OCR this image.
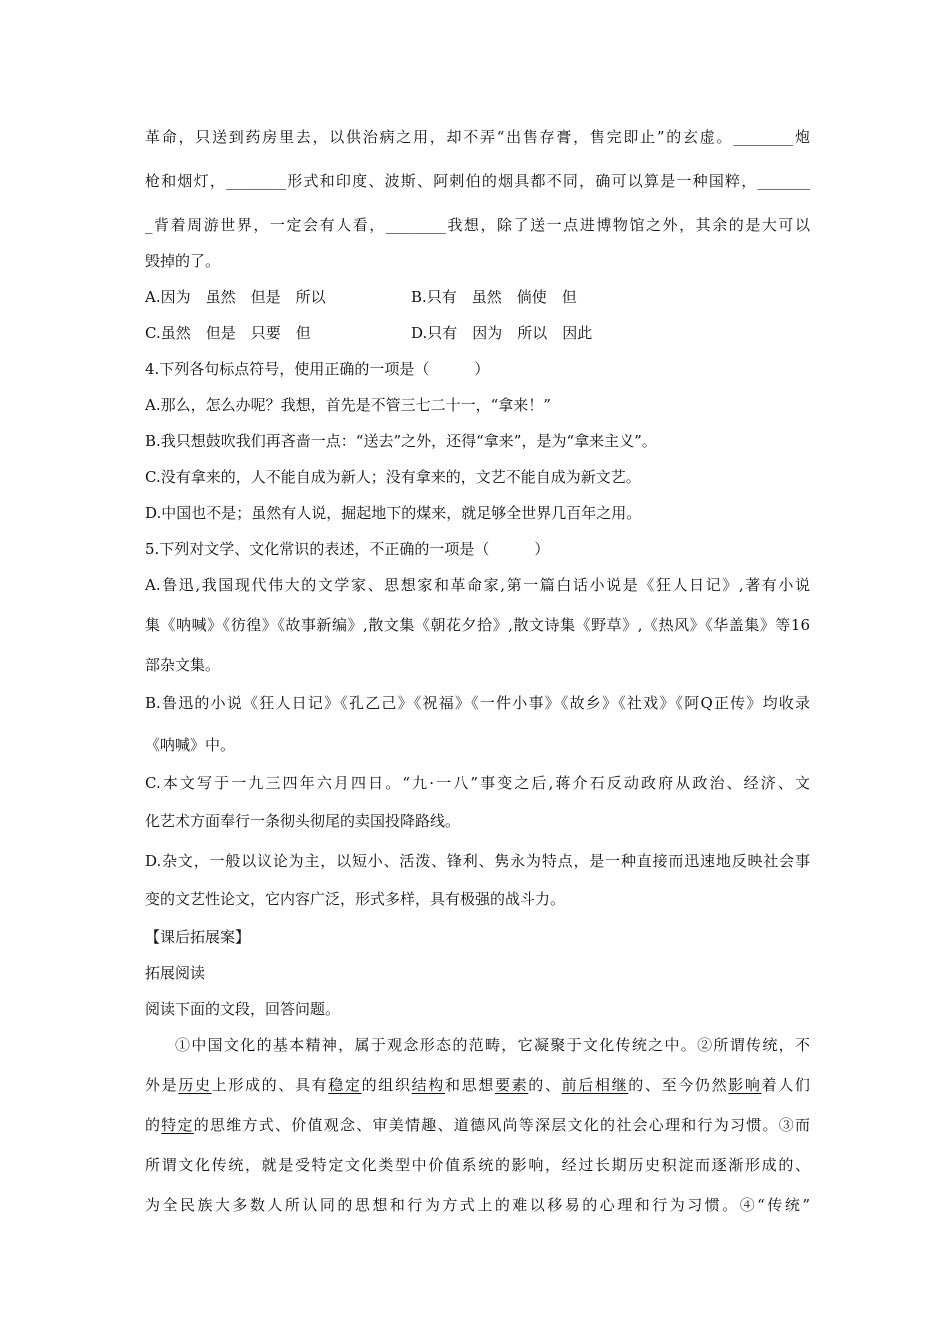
革命，只送到药房里去，以供治病之用，却不弄“出售存膏，售完即止”的玄虚。________炮
枪和烟灯，________形式和印度、波斯、阿剌伯的烟具都不同，确可以算是一种国粹，_______
_背着周游世界，一定会有人看，________我想，除了送一点进博物馆之外，其余的是大可以
毁掉的了。
A.因为　虽然　但是　所以	B.只有　虽然　倘使　但
C.虽然　但是　只要　但	D.只有　因为　所以　因此
4.下列各句标点符号，使用正确的一项是（　　　）
A.那么，怎么办呢？我想，首先是不管三七二十一，“拿来！”
B.我只想鼓吹我们再吝啬一点：“送去”之外，还得“拿来”，是为“拿来主义”。
C.没有拿来的，人不能自成为新人；没有拿来的，文艺不能自成为新文艺。
D.中国也不是；虽然有人说，掘起地下的煤来，就足够全世界几百年之用。
5.下列对文学、文化常识的表述，不正确的一项是（　　　）
A.鲁迅,我国现代伟大的文学家、思想家和革命家,第一篇白话小说是《狂人日记》,著有小说
集《呐喊》《彷徨》《故事新编》,散文集《朝花夕拾》,散文诗集《野草》,《热风》《华盖集》等16
部杂文集。
B.鲁迅的小说《狂人日记》《孔乙己》《祝福》《一件小事》《故乡》《社戏》《阿Q正传》均收录
《呐喊》中。
C.本文写于一九三四年六月四日。“九·一八”事变之后,蒋介石反动政府从政治、经济、文
化艺术方面奉行一条彻头彻尾的卖国投降路线。
D.杂文，一般以议论为主，以短小、活泼、锋利、隽永为特点，是一种直接而迅速地反映社会事
变的文艺性论文，它内容广泛，形式多样，具有极强的战斗力。
【课后拓展案】
拓展阅读
阅读下面的文段，回答问题。
①中国文化的基本精神，属于观念形态的范畴，它凝聚于文化传统之中。②所谓传统，不
外是历史上形成的、具有稳定的组织结构和思想要素的、前后相继的、至今仍然影响着人们
的特定的思维方式、价值观念、审美情趣、道德风尚等深层文化的社会心理和行为习惯。③而
所谓文化传统，就是受特定文化类型中价值系统的影响，经过长期历史积淀而逐渐形成的、
为全民族大多数人所认同的思想和行为方式上的难以移易的心理和行为习惯。④“传统”
